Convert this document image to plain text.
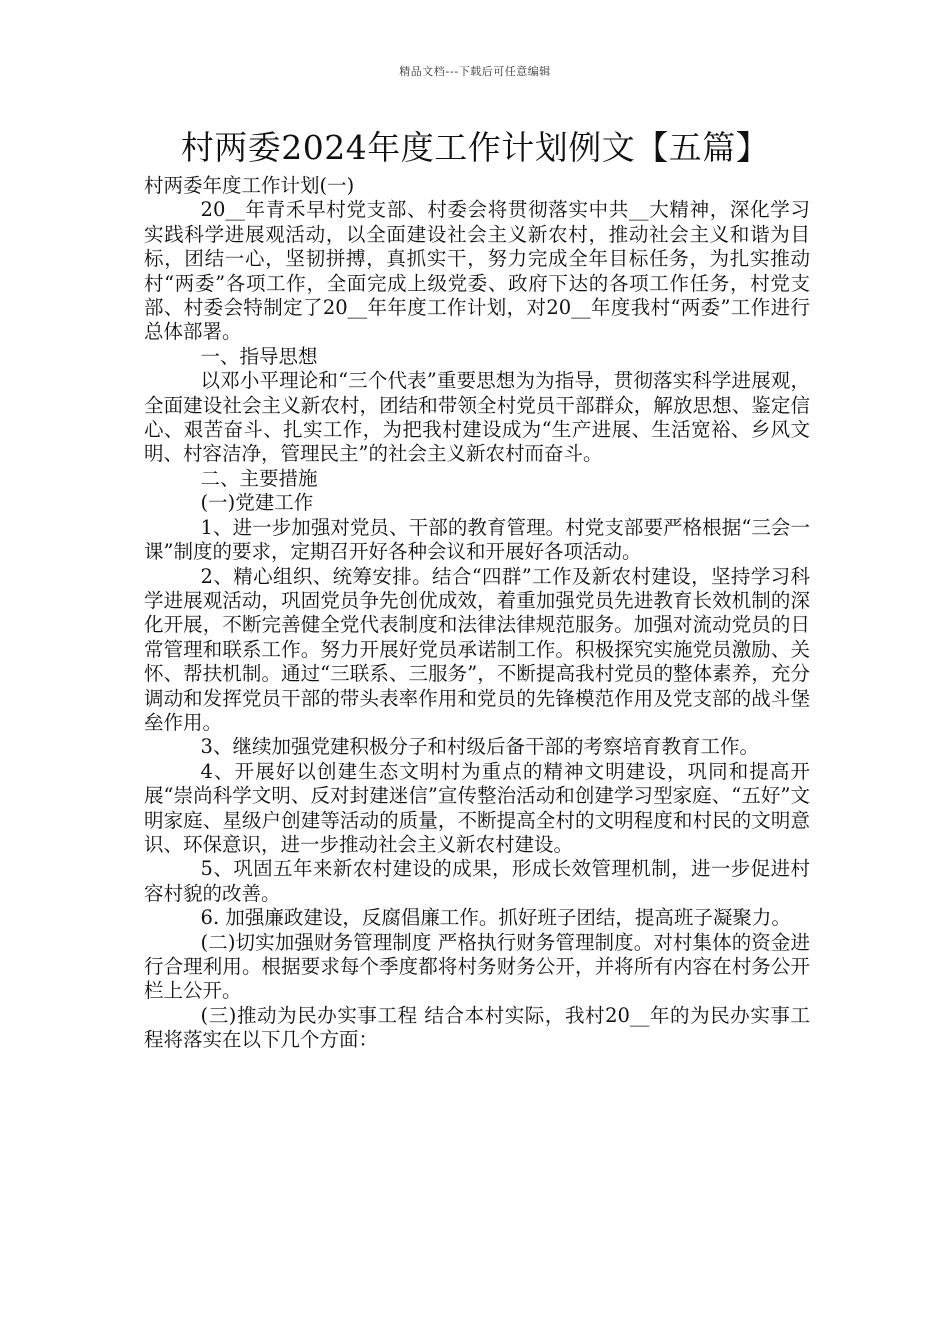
精品文档---下载后可任意编辑
村两委2024年度工作计划例文【五篇】

村两委年度工作计划(一)

20__年青禾早村党支部、村委会将贯彻落实中共__大精神，深化学习实践科学进展观活动，以全面建设社会主义新农村，推动社会主义和谐为目标，团结一心，坚韧拼搏，真抓实干，努力完成全年目标任务，为扎实推动村“两委”各项工作，全面完成上级党委、政府下达的各项工作任务，村党支部、村委会特制定了20__年年度工作计划，对20__年度我村“两委”工作进行总体部署。

一、指导思想

以邓小平理论和“三个代表”重要思想为为指导，贯彻落实科学进展观，全面建设社会主义新农村，团结和带领全村党员干部群众，解放思想、鉴定信心、艰苦奋斗、扎实工作，为把我村建设成为“生产进展、生活宽裕、乡风文明、村容洁净，管理民主”的社会主义新农村而奋斗。

二、主要措施

(一)党建工作

1、进一步加强对党员、干部的教育管理。村党支部要严格根据“三会一课”制度的要求，定期召开好各种会议和开展好各项活动。

2、精心组织、统筹安排。结合“四群”工作及新农村建设，坚持学习科学进展观活动，巩固党员争先创优成效，着重加强党员先进教育长效机制的深化开展，不断完善健全党代表制度和法律法律规范服务。加强对流动党员的日常管理和联系工作。努力开展好党员承诺制工作。积极探究实施党员激励、关怀、帮扶机制。通过“三联系、三服务”，不断提高我村党员的整体素养，充分调动和发挥党员干部的带头表率作用和党员的先锋模范作用及党支部的战斗堡垒作用。

3、继续加强党建积极分子和村级后备干部的考察培育教育工作。

4、开展好以创建生态文明村为重点的精神文明建设，巩同和提高开展“崇尚科学文明、反对封建迷信”宣传整治活动和创建学习型家庭、“五好”文明家庭、星级户创建等活动的质量，不断提高全村的文明程度和村民的文明意识、环保意识，进一步推动社会主义新农村建设。

5、巩固五年来新农村建设的成果，形成长效管理机制，进一步促进村容村貌的改善。

6. 加强廉政建设，反腐倡廉工作。抓好班子团结，提高班子凝聚力。

(二)切实加强财务管理制度 严格执行财务管理制度。对村集体的资金进行合理利用。根据要求每个季度都将村务财务公开，并将所有内容在村务公开栏上公开。

(三)推动为民办实事工程 结合本村实际，我村20__年的为民办实事工程将落实在以下几个方面：
